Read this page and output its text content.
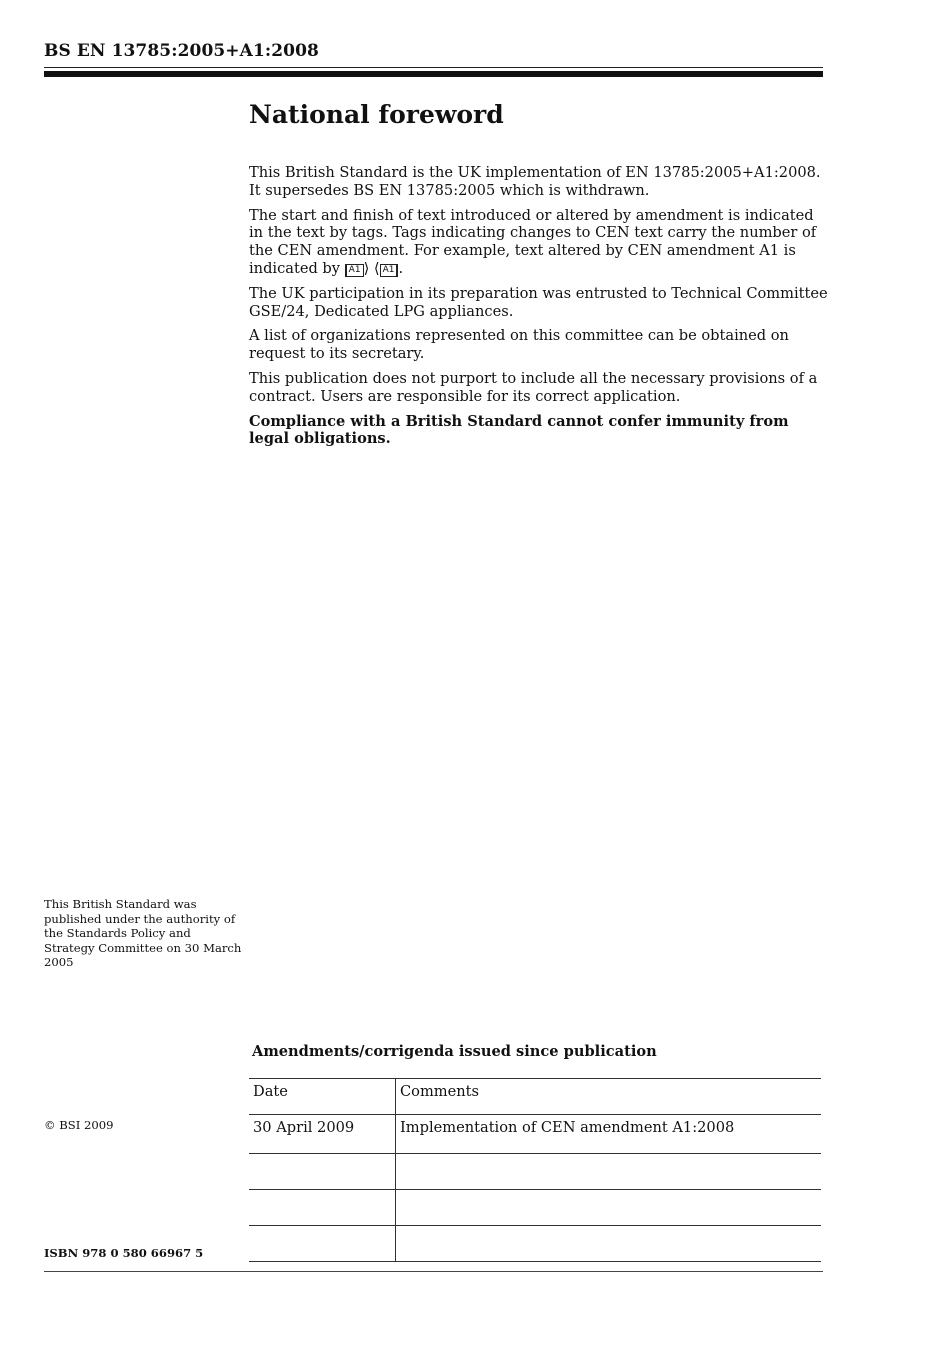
BS EN 13785:2005+A1:2008
National foreword

This British Standard is the UK implementation of EN 13785:2005+A1:2008. It supersedes BS EN 13785:2005 which is withdrawn.

The start and finish of text introduced or altered by amendment is indicated in the text by tags. Tags indicating changes to CEN text carry the number of the CEN amendment. For example, text altered by CEN amendment A1 is indicated by A1 ⟩ ⟨ A1 .

The UK participation in its preparation was entrusted to Technical Committee GSE/24, Dedicated LPG appliances.

A list of organizations represented on this committee can be obtained on request to its secretary.

This publication does not purport to include all the necessary provisions of a contract. Users are responsible for its correct application.

Compliance with a British Standard cannot confer immunity from legal obligations.

This British Standard was published under the authority of the Standards Policy and Strategy Committee on 30 March 2005
© BSI 2009
Amendments/corrigenda issued since publication
Date	Comments
30 April 2009	Implementation of CEN amendment A1:2008
ISBN 978 0 580 66967 5
